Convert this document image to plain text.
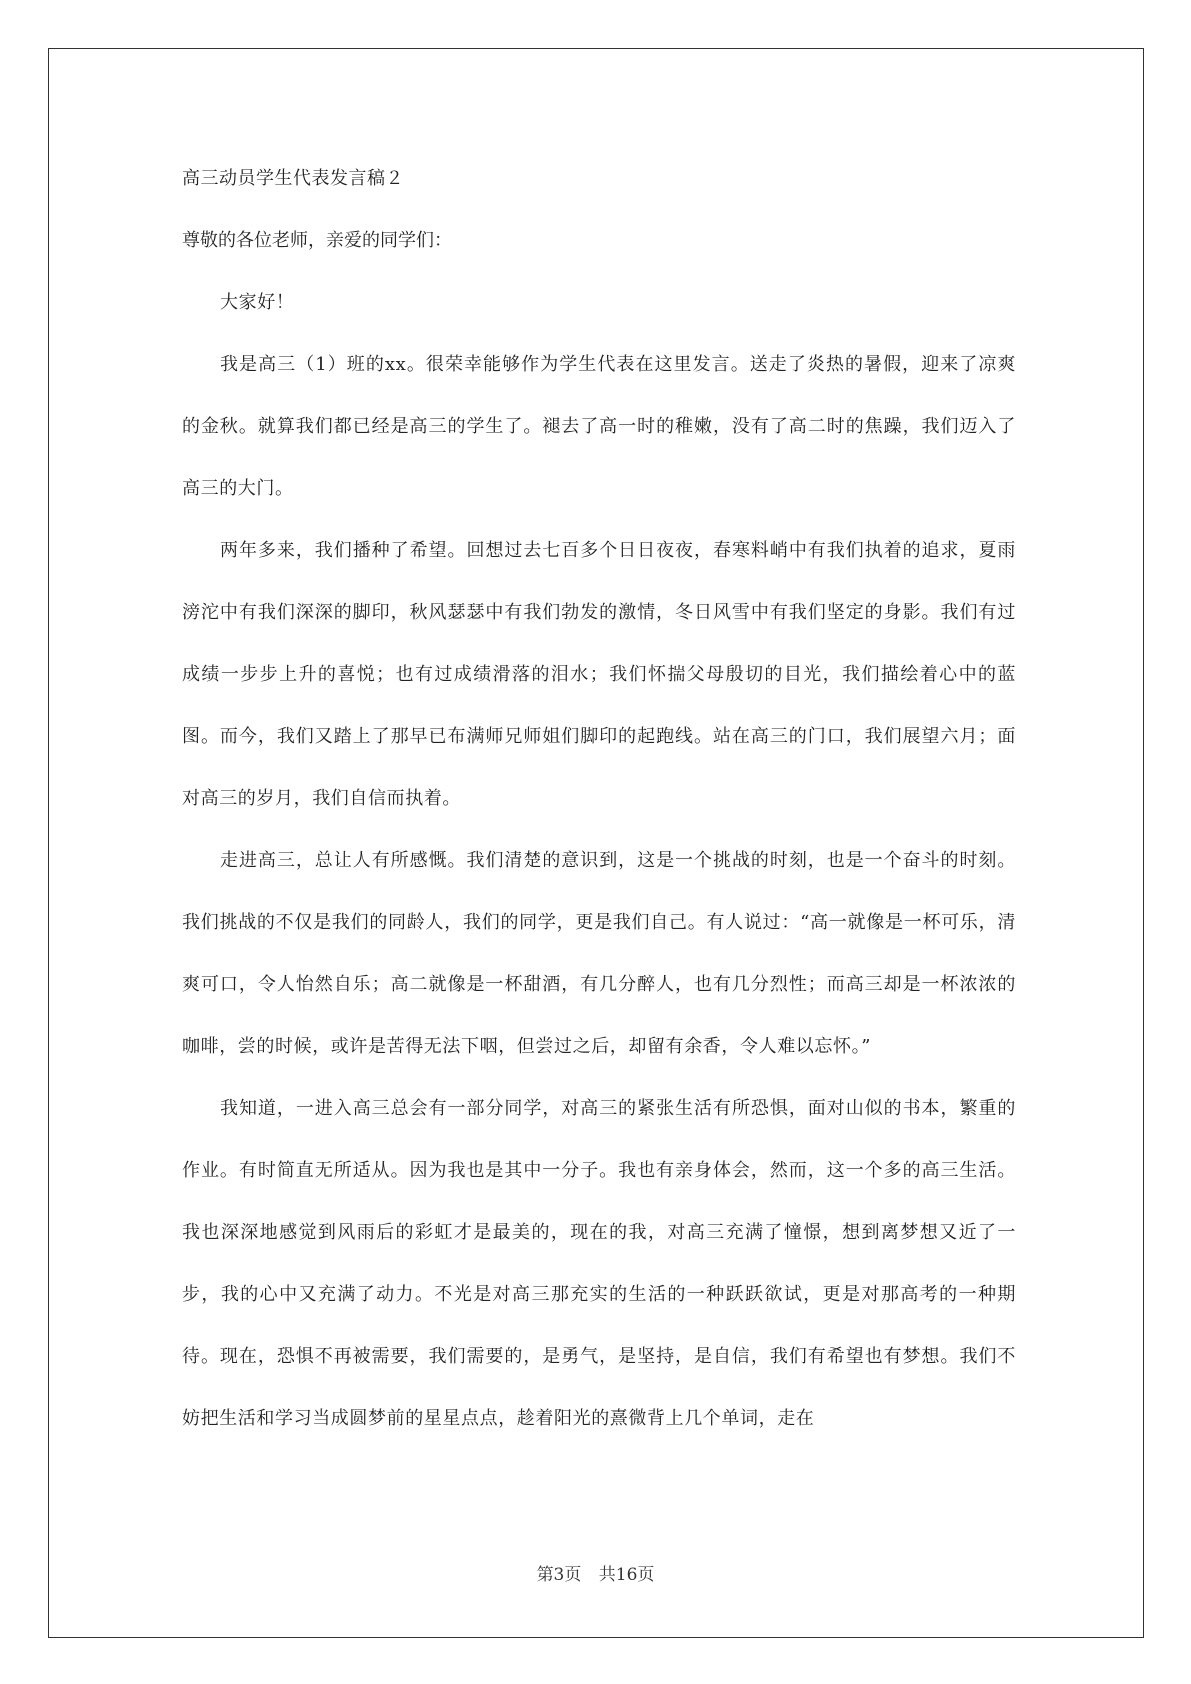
高三动员学生代表发言稿２

尊敬的各位老师，亲爱的同学们：

大家好！

我是高三（1）班的xx。很荣幸能够作为学生代表在这里发言。送走了炎热的暑假，迎来了凉爽的金秋。就算我们都已经是高三的学生了。褪去了高一时的稚嫩，没有了高二时的焦躁，我们迈入了高三的大门。

两年多来，我们播种了希望。回想过去七百多个日日夜夜，春寒料峭中有我们执着的追求，夏雨滂沱中有我们深深的脚印，秋风瑟瑟中有我们勃发的激情，冬日风雪中有我们坚定的身影。我们有过成绩一步步上升的喜悦；也有过成绩滑落的泪水；我们怀揣父母殷切的目光，我们描绘着心中的蓝图。而今，我们又踏上了那早已布满师兄师姐们脚印的起跑线。站在高三的门口，我们展望六月；面对高三的岁月，我们自信而执着。

走进高三，总让人有所感慨。我们清楚的意识到，这是一个挑战的时刻，也是一个奋斗的时刻。我们挑战的不仅是我们的同龄人，我们的同学，更是我们自己。有人说过：“高一就像是一杯可乐，清爽可口，令人怡然自乐；高二就像是一杯甜酒，有几分醉人，也有几分烈性；而高三却是一杯浓浓的咖啡，尝的时候，或许是苦得无法下咽，但尝过之后，却留有余香，令人难以忘怀。”

我知道，一进入高三总会有一部分同学，对高三的紧张生活有所恐惧，面对山似的书本，繁重的作业。有时简直无所适从。因为我也是其中一分子。我也有亲身体会，然而，这一个多的高三生活。我也深深地感觉到风雨后的彩虹才是最美的，现在的我，对高三充满了憧憬，想到离梦想又近了一步，我的心中又充满了动力。不光是对高三那充实的生活的一种跃跃欲试，更是对那高考的一种期待。现在，恐惧不再被需要，我们需要的，是勇气，是坚持，是自信，我们有希望也有梦想。我们不妨把生活和学习当成圆梦前的星星点点，趁着阳光的熹微背上几个单词，走在

第3页 共16页
